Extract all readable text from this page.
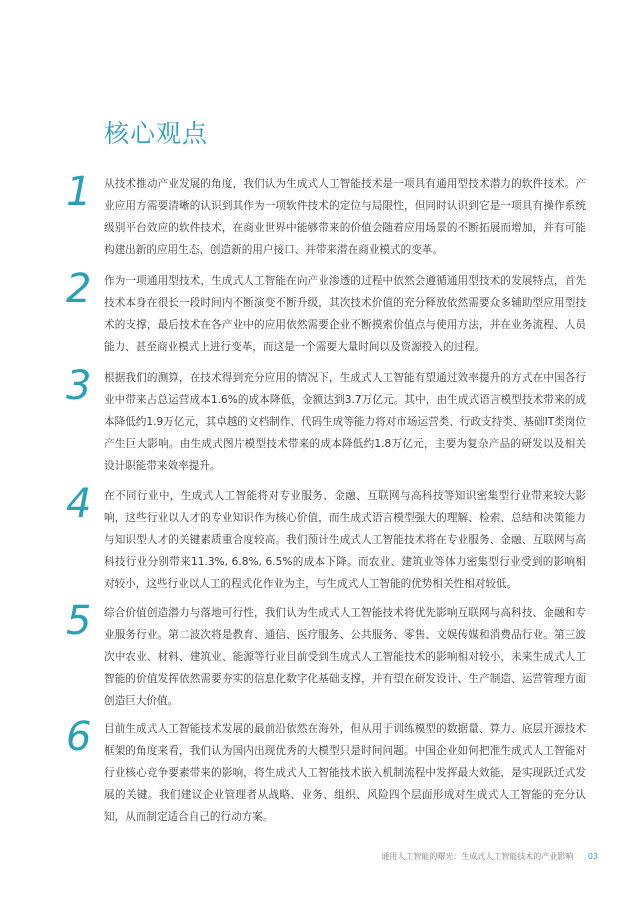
核心观点
1	从技术推动产业发展的角度，我们认为生成式人工智能技术是一项具有通用型技术潜力的软件技术。产业应用方需要清晰的认识到其作为一项软件技术的定位与局限性，但同时认识到它是一项具有操作系统级别平台效应的软件技术，在商业世界中能够带来的价值会随着应用场景的不断拓展而增加，并有可能构建出新的应用生态、创造新的用户接口、并带来潜在商业模式的变革。

2	作为一项通用型技术，生成式人工智能在向产业渗透的过程中依然会遵循通用型技术的发展特点，首先技术本身在很长一段时间内不断演变不断升级，其次技术价值的充分释放依然需要众多辅助型应用型技术的支撑，最后技术在各产业中的应用依然需要企业不断摸索价值点与使用方法，并在业务流程、人员能力、甚至商业模式上进行变革，而这是一个需要大量时间以及资源投入的过程。

3	根据我们的测算，在技术得到充分应用的情况下，生成式人工智能有望通过效率提升的方式在中国各行业中带来占总运营成本1.6%的成本降低，金额达到3.7万亿元。其中，由生成式语言模型技术带来的成本降低约1.9万亿元，其卓越的文档制作、代码生成等能力将对市场运营类、行政支持类、基础IT类岗位产生巨大影响。由生成式图片模型技术带来的成本降低约1.8万亿元，主要为复杂产品的研发以及相关设计职能带来效率提升。

4	在不同行业中，生成式人工智能将对专业服务、金融、互联网与高科技等知识密集型行业带来较大影响，这些行业以人才的专业知识作为核心价值，而生成式语言模型强大的理解、检索、总结和决策能力与知识型人才的关键素质重合度较高。我们预计生成式人工智能技术将在专业服务、金融、互联网与高科技行业分别带来11.3%, 6.8%, 6.5%的成本下降。而农业、建筑业等体力密集型行业受到的影响相对较小，这些行业以人工的程式化作业为主，与生成式人工智能的优势相关性相对较低。

5	综合价值创造潜力与落地可行性，我们认为生成式人工智能技术将优先影响互联网与高科技、金融和专业服务行业。第二波次将是教育、通信、医疗服务、公共服务、零售、文娱传媒和消费品行业。第三波次中农业、材料、建筑业、能源等行业目前受到生成式人工智能技术的影响相对较小，未来生成式人工智能的价值发挥依然需要夯实的信息化数字化基础支撑，并有望在研发设计、生产制造、运营管理方面创造巨大价值。

6	目前生成式人工智能技术发展的最前沿依然在海外，但从用于训练模型的数据量、算力、底层开源技术框架的角度来看，我们认为国内出现优秀的大模型只是时间问题。中国企业如何把准生成式人工智能对行业核心竞争要素带来的影响，将生成式人工智能技术嵌入机制流程中发挥最大效能，是实现跃迁式发展的关键。我们建议企业管理者从战略、业务、组织、风险四个层面形成对生成式人工智能的充分认知，从而制定适合自己的行动方案。

通用人工智能的曙光：生成式人工智能技术的产业影响 03
